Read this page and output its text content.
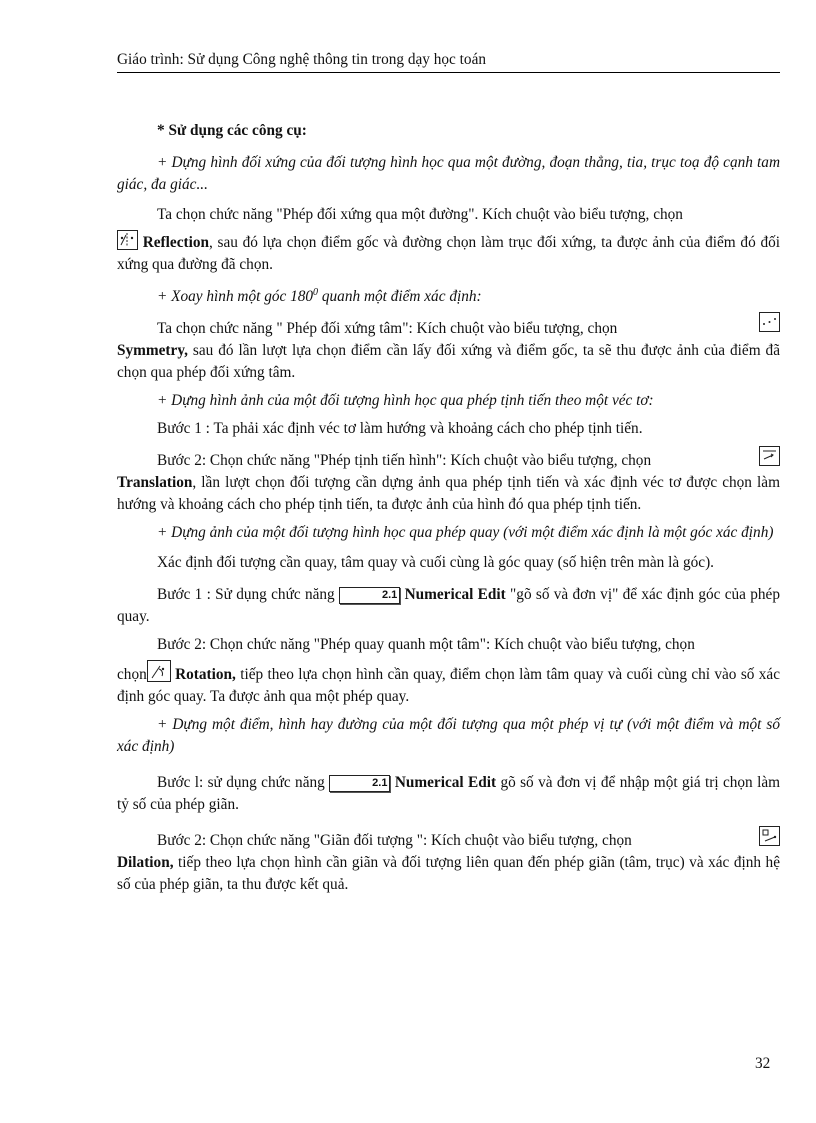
Giáo trình: Sử dụng Công nghệ thông tin trong dạy học toán

* Sử dụng các công cụ:

+ Dựng hình đối xứng của đối tượng hình học qua một đường, đoạn thẳng, tia, trục toạ độ cạnh tam giác, đa giác...

Ta chọn chức năng "Phép đối xứng qua một đường". Kích chuột vào biểu tượng, chọn

Reflection, sau đó lựa chọn điểm gốc và đường chọn làm trục đối xứng, ta được ảnh của điểm đó đối xứng qua đường đã chọn.

+ Xoay hình một góc $180^0$ quanh một điểm xác định:

Ta chọn chức năng " Phép đối xứng tâm": Kích chuột vào biểu tượng, chọn

Symmetry, sau đó lần lượt lựa chọn điểm cần lấy đối xứng và điểm gốc, ta sẽ thu được ảnh của điểm đã chọn qua phép đối xứng tâm.

+ Dựng hình ảnh của một đối tượng hình học qua phép tịnh tiến theo một véc tơ:

Bước 1 : Ta phải xác định véc tơ làm hướng và khoảng cách cho phép tịnh tiến.

Bước 2: Chọn chức năng "Phép tịnh tiến hình": Kích chuột vào biểu tượng, chọn

Translation, lần lượt chọn đối tượng cần dựng ảnh qua phép tịnh tiến và xác định véc tơ được chọn làm hướng và khoảng cách cho phép tịnh tiến, ta được ảnh của hình đó qua phép tịnh tiến.

+ Dựng ảnh của một đối tượng hình học qua phép quay (với một điểm xác định là một góc xác định)

Xác định đối tượng cần quay, tâm quay và cuối cùng là góc quay (số hiện trên màn là góc).

Bước 1 : Sử dụng chức năng	2.1 Numerical Edit "gõ số và đơn vị" để xác định góc của phép quay.

Bước 2: Chọn chức năng "Phép quay quanh một tâm": Kích chuột vào biểu tượng, chọn

chọn Rotation, tiếp theo lựa chọn hình cần quay, điểm chọn làm tâm quay và cuối cùng chỉ vào số xác định góc quay. Ta được ảnh qua một phép quay.

+ Dựng một điểm, hình hay đường của một đối tượng qua một phép vị tự (với một điểm và một số xác định)

Bước l: sử dụng chức năng	2.1 Numerical Edit gõ số và đơn vị để nhập một giá trị chọn làm tỷ số của phép giãn.

Bước 2: Chọn chức năng "Giãn đối tượng ": Kích chuột vào biểu tượng, chọn

Dilation, tiếp theo lựa chọn hình cần giãn và đối tượng liên quan đến phép giãn (tâm, trục) và xác định hệ số của phép giãn, ta thu được kết quả.

32
